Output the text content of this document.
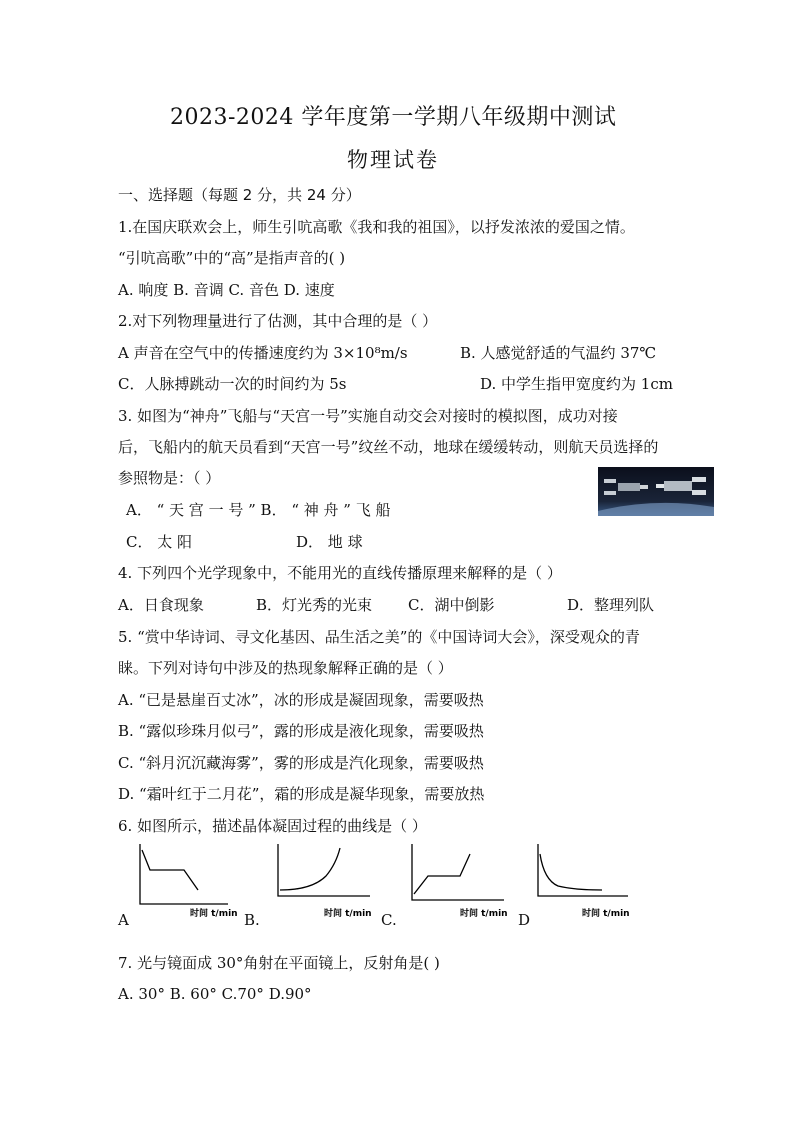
2023-2024 学年度第一学期八年级期中测试
物理试卷
一、选择题（每题 2 分，共 24 分）
1.在国庆联欢会上，师生引吭高歌《我和我的祖国》，以抒发浓浓的爱国之情。
“引吭高歌”中的“高”是指声音的( )
A. 响度 B. 音调 C. 音色 D. 速度
2.对下列物理量进行了估测，其中合理的是（ ）
A 声音在空气中的传播速度约为 3×10⁸m/s	B. 人感觉舒适的气温约 37℃
C．人脉搏跳动一次的时间约为 5s	D. 中学生指甲宽度约为 1cm
3. 如图为“神舟”飞船与“天宫一号”实施自动交会对接时的模拟图，成功对接
后，飞船内的航天员看到“天宫一号”纹丝不动，地球在缓缓转动，则航天员选择的
参照物是：（ ）
A． “ 天 宫 一 号 ” B． “ 神 舟 ” 飞 船
C． 太 阳	D． 地 球
4. 下列四个光学现象中，不能用光的直线传播原理来解释的是（ ）
A．日食现象	B．灯光秀的光束 C．湖中倒影	D．整理列队
5. “赏中华诗词、寻文化基因、品生活之美”的《中国诗词大会》，深受观众的青
睐。下列对诗句中涉及的热现象解释正确的是（ ）
A. “已是悬崖百丈冰”，冰的形成是凝固现象，需要吸热
B. “露似珍珠月似弓”，露的形成是液化现象，需要吸热
C. “斜月沉沉藏海雾”，雾的形成是汽化现象，需要吸热
D. “霜叶红于二月花”，霜的形成是凝华现象，需要放热
6. 如图所示，描述晶体凝固过程的曲线是（ ）
A	时间 t/min B.	时间 t/min C.	时间 t/min D	时间 t/min
7. 光与镜面成 30°角射在平面镜上，反射角是( )
A. 30° B. 60° C.70° D.90°
